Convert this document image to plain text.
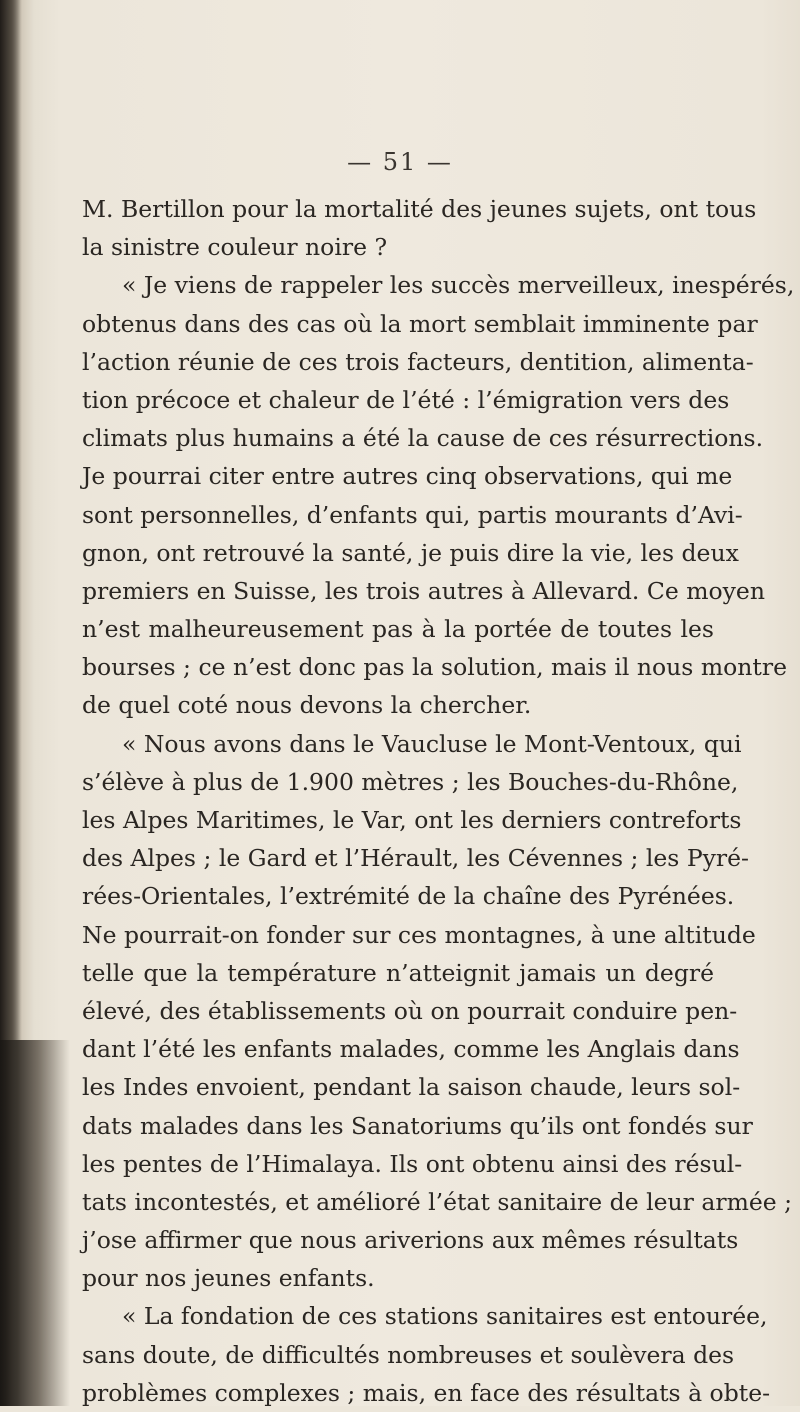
— 51 —
M. Bertillon pour la mortalité des jeunes sujets, ont tous
la sinistre couleur noire ?
« Je viens de rappeler les succès merveilleux, inespérés,
obtenus dans des cas où la mort semblait imminente par
l’action réunie de ces trois facteurs, dentition, alimenta-
tion précoce et chaleur de l’été : l’émigration vers des
climats plus humains a été la cause de ces résurrections.
Je pourrai citer entre autres cinq observations, qui me
sont personnelles, d’enfants qui, partis mourants d’Avi-
gnon, ont retrouvé la santé, je puis dire la vie, les deux
premiers en Suisse, les trois autres à Allevard. Ce moyen
n’est malheureusement pas à la portée de toutes les
bourses ; ce n’est donc pas la solution, mais il nous montre
de quel coté nous devons la chercher.
« Nous avons dans le Vaucluse le Mont-Ventoux, qui
s’élève à plus de 1.900 mètres ; les Bouches-du-Rhône,
les Alpes Maritimes, le Var, ont les derniers contreforts
des Alpes ; le Gard et l’Hérault, les Cévennes ; les Pyré-
rées-Orientales, l’extrémité de la chaîne des Pyrénées.
Ne pourrait-on fonder sur ces montagnes, à une altitude
telle que la température n’atteignit jamais un degré
élevé, des établissements où on pourrait conduire pen-
dant l’été les enfants malades, comme les Anglais dans
les Indes envoient, pendant la saison chaude, leurs sol-
dats malades dans les Sanatoriums qu’ils ont fondés sur
les pentes de l’Himalaya. Ils ont obtenu ainsi des résul-
tats incontestés, et amélioré l’état sanitaire de leur armée ;
j’ose affirmer que nous ariverions aux mêmes résultats
pour nos jeunes enfants.
« La fondation de ces stations sanitaires est entourée,
sans doute, de difficultés nombreuses et soulèvera des
problèmes complexes ; mais, en face des résultats à obte-
